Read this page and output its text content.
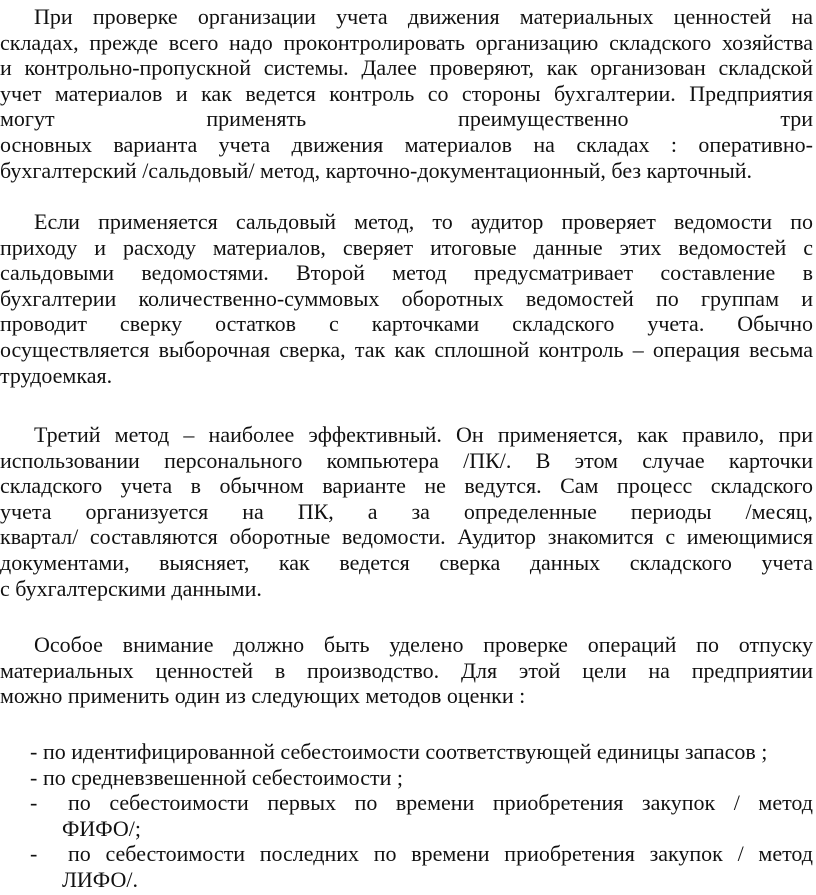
При проверке организации учета движения материальных ценностей на
складах, прежде всего надо проконтролировать организацию складского хозяйства
и контрольно-пропускной системы. Далее проверяют, как организован складской
учет материалов и как ведется контроль со стороны бухгалтерии. Предприятия
могут применять преимущественно три
основных варианта учета движения материалов на складах : оперативно-
бухгалтерский /сальдовый/ метод, карточно-документационный, без карточный.
Если применяется сальдовый метод, то аудитор проверяет ведомости по
приходу и расходу материалов, сверяет итоговые данные этих ведомостей с
сальдовыми ведомостями. Второй метод предусматривает составление в
бухгалтерии количественно-суммовых оборотных ведомостей по группам и
проводит сверку остатков с карточками складского учета. Обычно
осуществляется выборочная сверка, так как сплошной контроль – операция весьма
трудоемкая.
Третий метод – наиболее эффективный. Он применяется, как правило, при
использовании персонального компьютера /ПК/. В этом случае карточки
складского учета в обычном варианте не ведутся. Сам процесс складского
учета организуется на ПК, а за определенные периоды /месяц,
квартал/ составляются оборотные ведомости. Аудитор знакомится с имеющимися
документами, выясняет, как ведется сверка данных складского учета
с бухгалтерскими данными.
Особое внимание должно быть уделено проверке операций по отпуску
материальных ценностей в производство. Для этой цели на предприятии
можно применить один из следующих методов оценки :
- по идентифицированной себестоимости соответствующей единицы запасов ;
- по средневзвешенной себестоимости ;
-	по себестоимости первых по времени приобретения закупок / метод
ФИФО/;
-	по себестоимости последних по времени приобретения закупок / метод
ЛИФО/.
